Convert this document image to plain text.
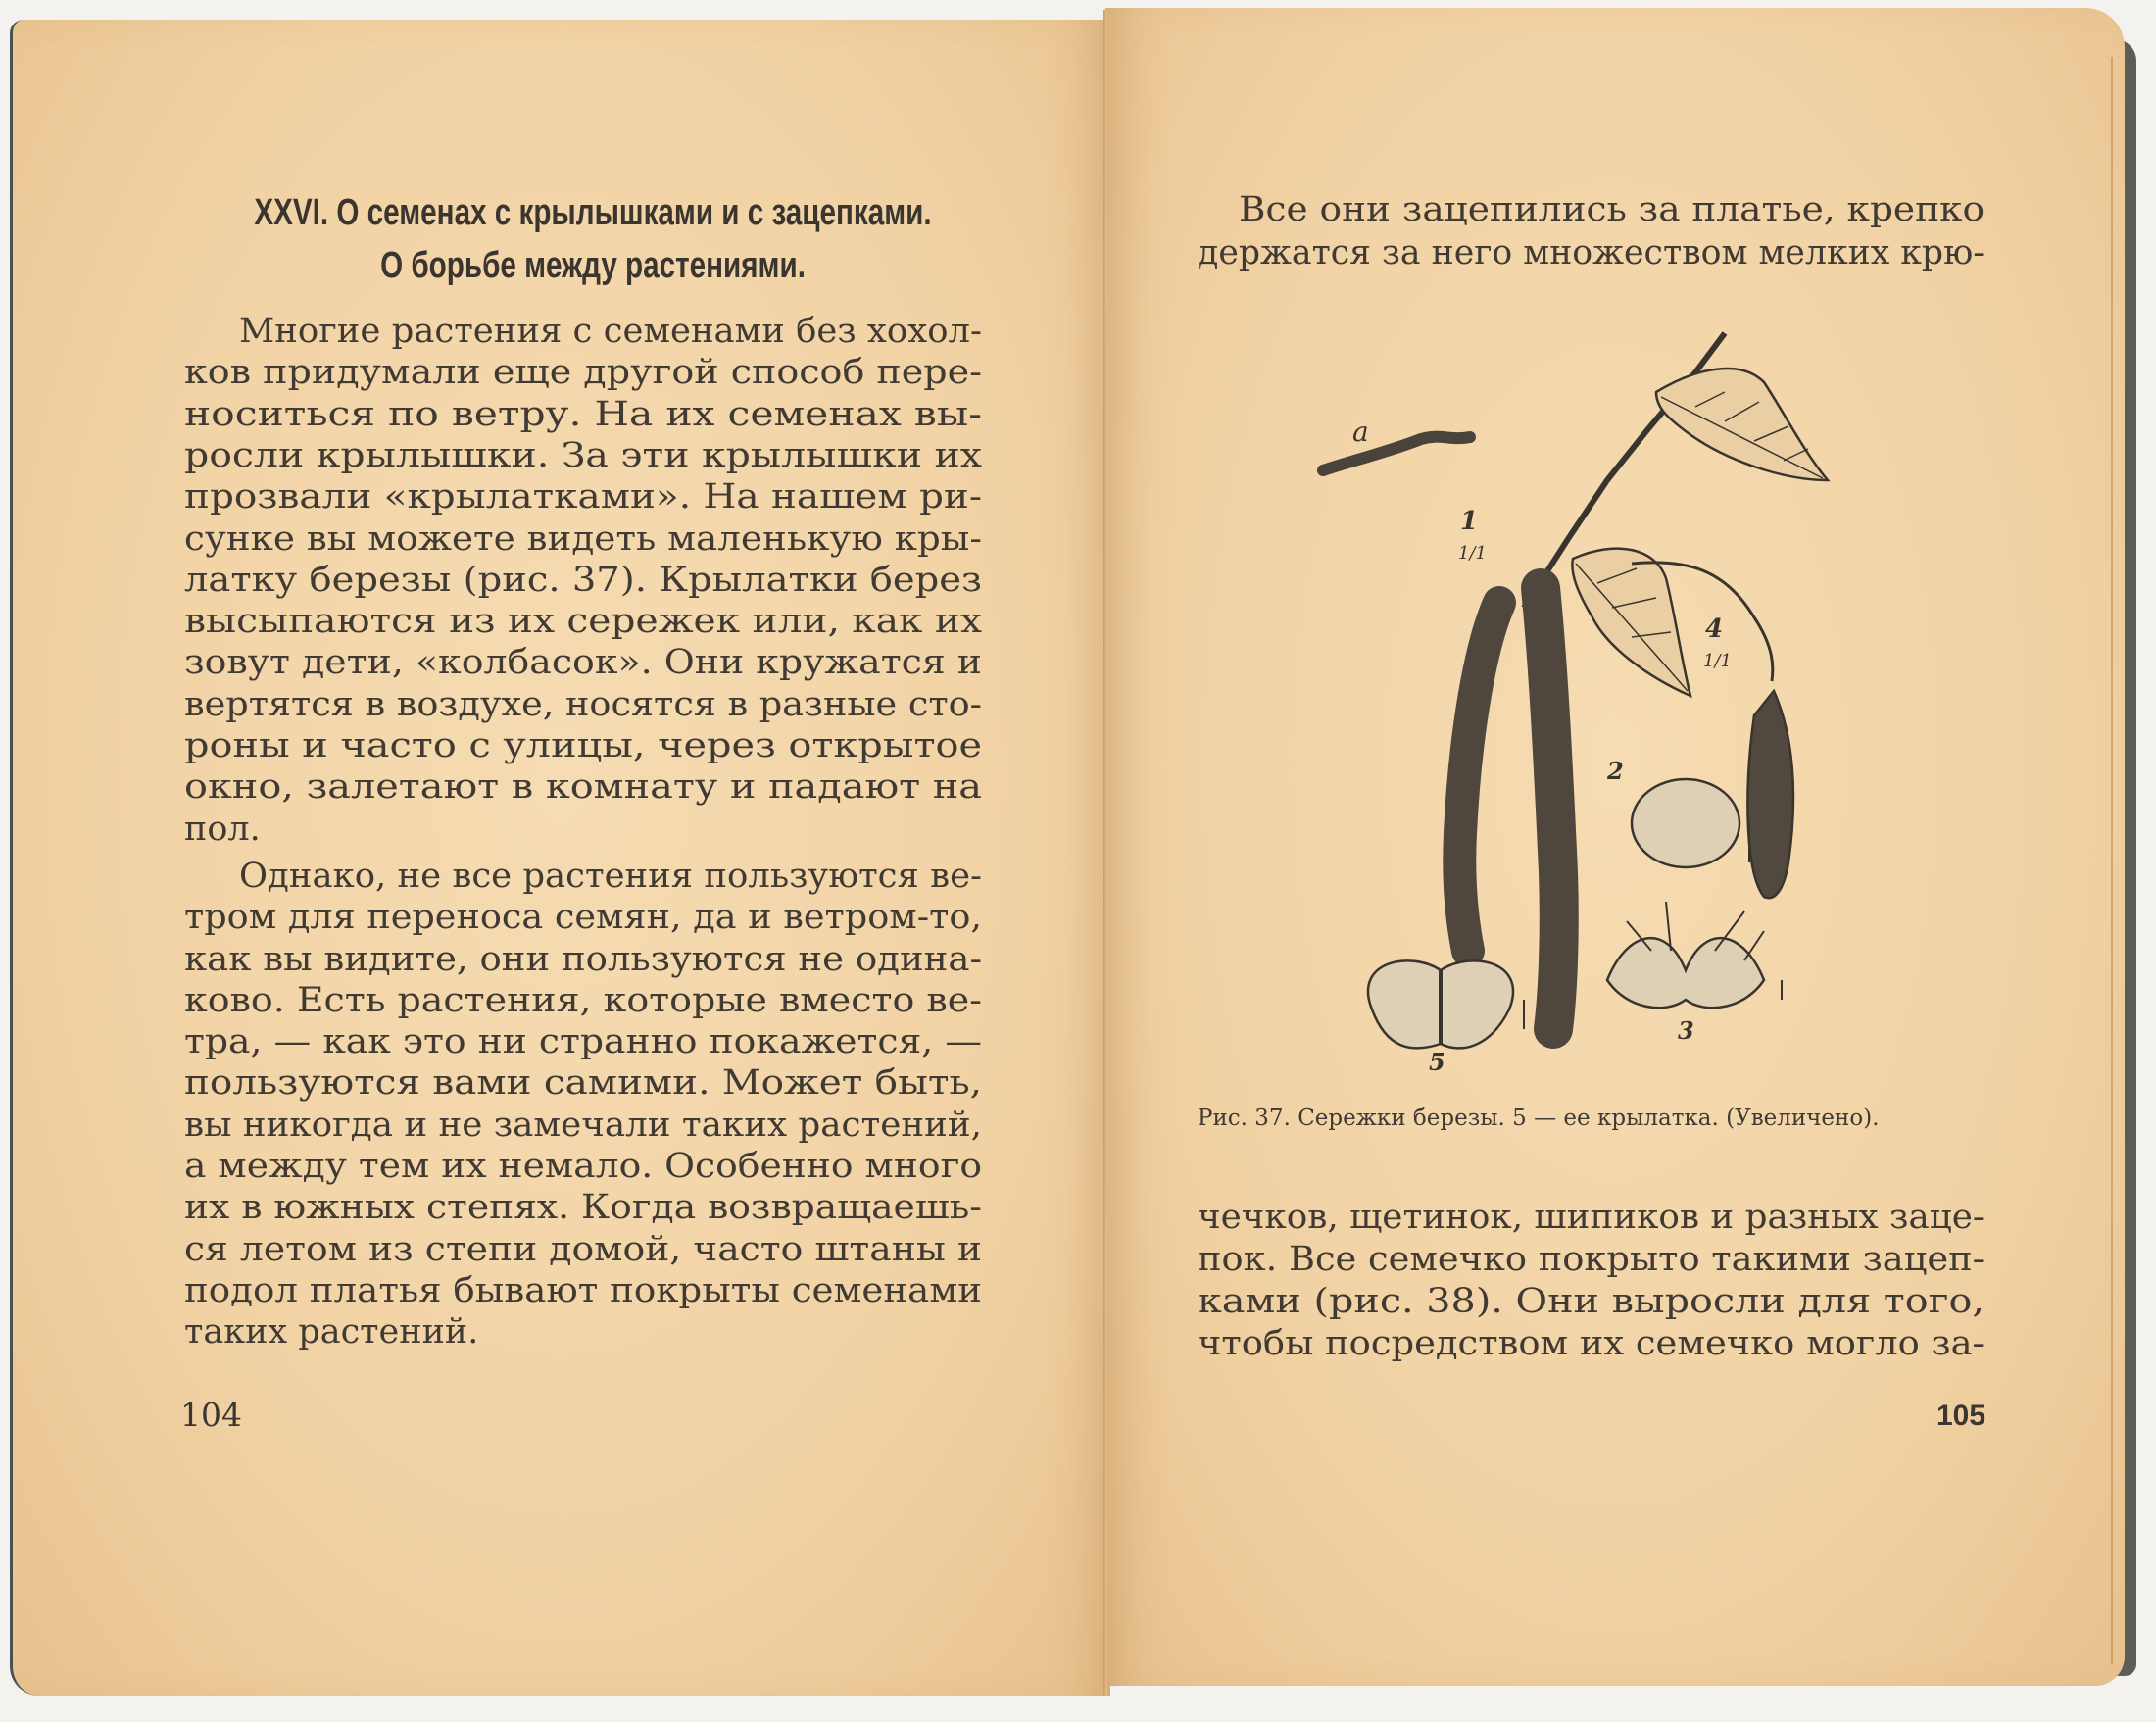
XXVI. О семенах с крылышками и с зацепками.
О борьбе между растениями.
Многие растения с семенами без хохол-
ков придумали еще другой способ пере-
носиться по ветру. На их семенах вы-
росли крылышки. За эти крылышки их
прозвали «крылатками». На нашем ри-
сунке вы можете видеть маленькую кры-
латку березы (рис. 37). Крылатки берез
высыпаются из их сережек или, как их
зовут дети, «колбасок». Они кружатся и
вертятся в воздухе, носятся в разные сто-
роны и часто с улицы, через открытое
окно, залетают в комнату и падают на
пол.
Однако, не все растения пользуются ве-
тром для переноса семян, да и ветром-то,
как вы видите, они пользуются не одина-
ково. Есть растения, которые вместо ве-
тра, — как это ни странно покажется, —
пользуются вами самими. Может быть,
вы никогда и не замечали таких растений,
а между тем их немало. Особенно много
их в южных степях. Когда возвращаешь-
ся летом из степи домой, часто штаны и
подол платья бывают покрыты семенами
таких растений.
104
Все они зацепились за платье, крепко
держатся за него множеством мелких крю-
a
1
1/1
4
1/1
2
3
5
Рис. 37. Сережки березы. 5 — ее крылатка. (Увеличено).
чечков, щетинок, шипиков и разных заце-
пок. Все семечко покрыто такими зацеп-
ками (рис. 38). Они выросли для того,
чтобы посредством их семечко могло за-
105
